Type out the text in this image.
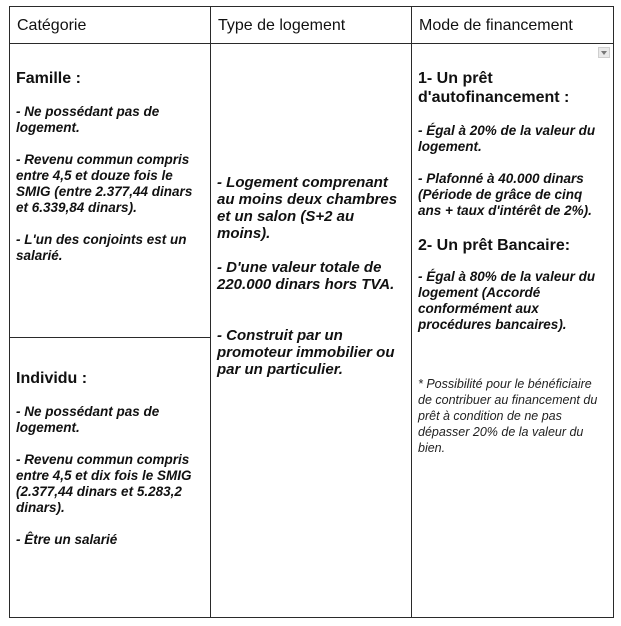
Catégorie	Type de logement	Mode de financement

Famille :

- Ne possédant pas de logement.

- Revenu commun compris entre 4,5 et douze fois le SMIG (entre 2.377,44 dinars et 6.339,84 dinars).

- L'un des conjoints est un salarié.

Individu :

- Ne possédant pas de logement.

- Revenu commun compris entre 4,5 et dix fois le SMIG (2.377,44 dinars et 5.283,2 dinars).

- Être un salarié

- Logement comprenant au moins deux chambres et un salon (S+2 au moins).

- D'une valeur totale de 220.000 dinars hors TVA.

- Construit par un promoteur immobilier ou par un particulier.

1- Un prêt d'autofinancement :

- Égal à 20% de la valeur du logement.

- Plafonné à 40.000 dinars (Période de grâce de cinq ans + taux d'intérêt de 2%).

2- Un prêt Bancaire:

- Égal à 80% de la valeur du logement (Accordé conformément aux procédures bancaires).

* Possibilité pour le bénéficiaire de contribuer au financement du prêt à condition de ne pas dépasser 20% de la valeur du bien.
